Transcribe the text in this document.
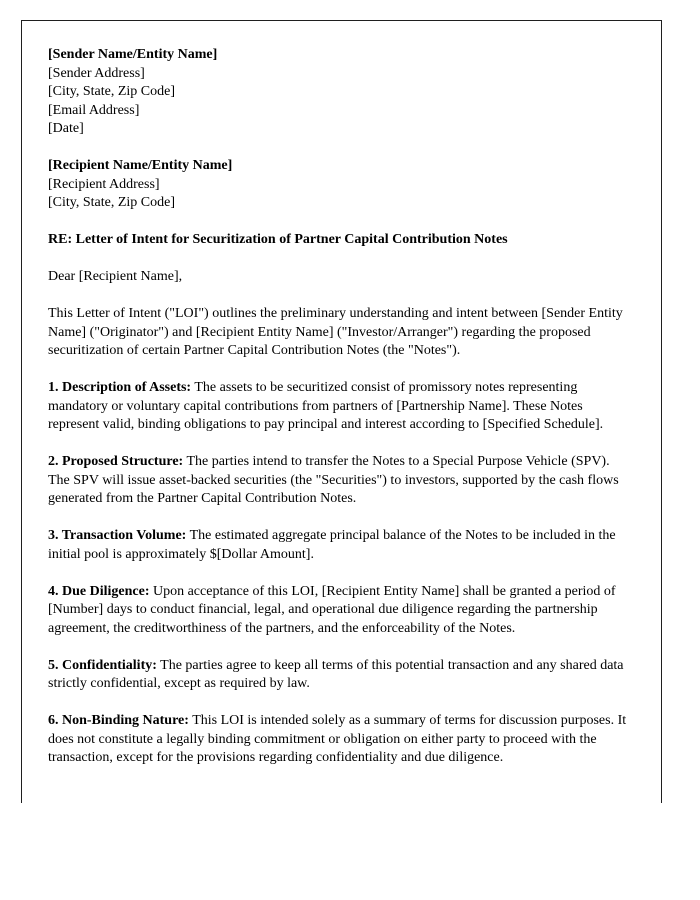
[Sender Name/Entity Name]
[Sender Address]
[City, State, Zip Code]
[Email Address]
[Date]
[Recipient Name/Entity Name]
[Recipient Address]
[City, State, Zip Code]

RE: Letter of Intent for Securitization of Partner Capital Contribution Notes

Dear [Recipient Name],

This Letter of Intent ("LOI") outlines the preliminary understanding and intent between [Sender Entity Name] ("Originator") and [Recipient Entity Name] ("Investor/Arranger") regarding the proposed securitization of certain Partner Capital Contribution Notes (the "Notes").

1. Description of Assets: The assets to be securitized consist of promissory notes representing mandatory or voluntary capital contributions from partners of [Partnership Name]. These Notes represent valid, binding obligations to pay principal and interest according to [Specified Schedule].

2. Proposed Structure: The parties intend to transfer the Notes to a Special Purpose Vehicle (SPV). The SPV will issue asset-backed securities (the "Securities") to investors, supported by the cash flows generated from the Partner Capital Contribution Notes.

3. Transaction Volume: The estimated aggregate principal balance of the Notes to be included in the initial pool is approximately $[Dollar Amount].

4. Due Diligence: Upon acceptance of this LOI, [Recipient Entity Name] shall be granted a period of [Number] days to conduct financial, legal, and operational due diligence regarding the partnership agreement, the creditworthiness of the partners, and the enforceability of the Notes.

5. Confidentiality: The parties agree to keep all terms of this potential transaction and any shared data strictly confidential, except as required by law.

6. Non-Binding Nature: This LOI is intended solely as a summary of terms for discussion purposes. It does not constitute a legally binding commitment or obligation on either party to proceed with the transaction, except for the provisions regarding confidentiality and due diligence.
